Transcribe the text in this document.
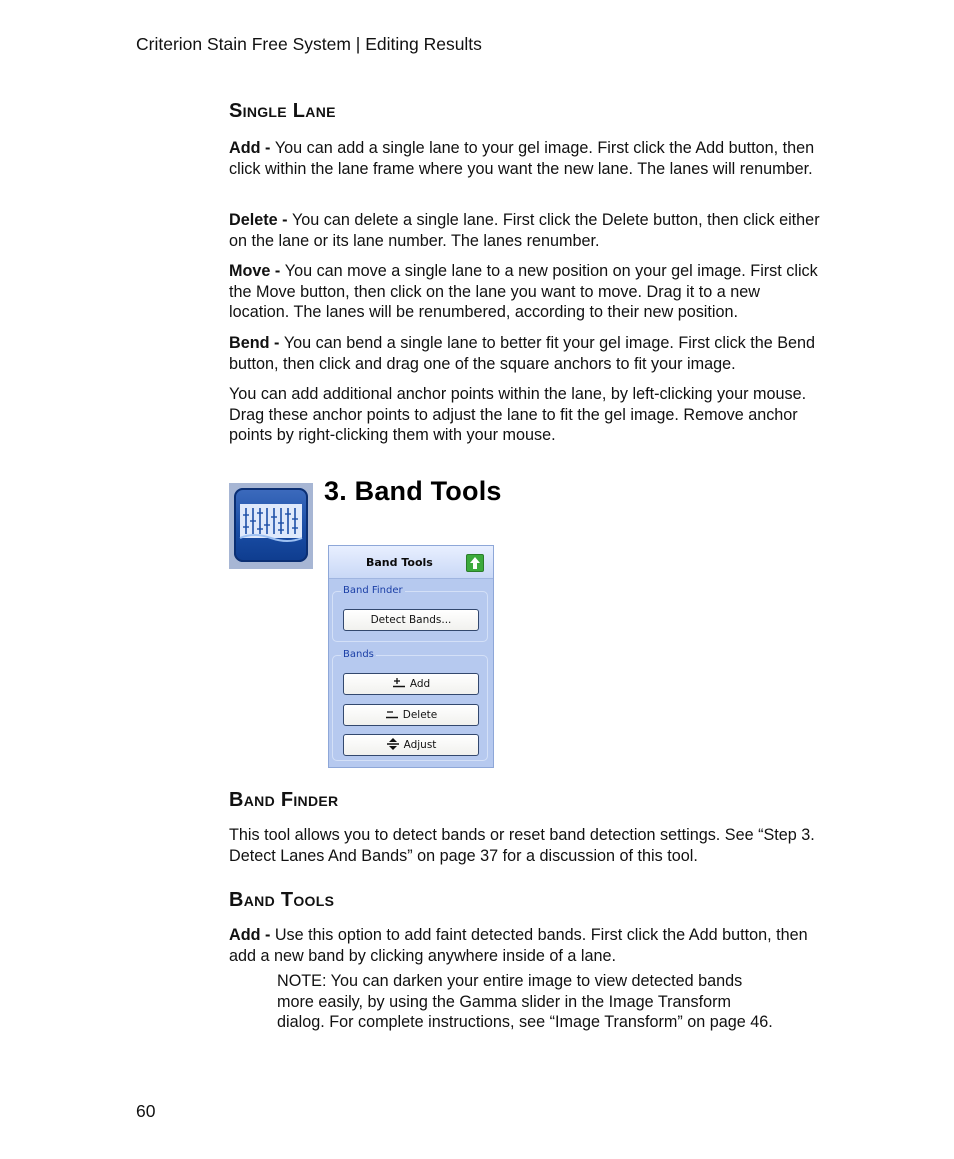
Criterion Stain Free System | Editing Results
Single Lane
Add - You can add a single lane to your gel image. First click the Add button, then click within the lane frame where you want the new lane. The lanes will renumber.
Delete - You can delete a single lane. First click the Delete button, then click either on the lane or its lane number. The lanes renumber.
Move - You can move a single lane to a new position on your gel image. First click the Move button, then click on the lane you want to move. Drag it to a new location. The lanes will be renumbered, according to their new position.
Bend - You can bend a single lane to better fit your gel image. First click the Bend button, then click and drag one of the square anchors to fit your image.
You can add additional anchor points within the lane, by left-clicking your mouse. Drag these anchor points to adjust the lane to fit the gel image. Remove anchor points by right-clicking them with your mouse.
3. Band Tools
Band Tools
Band Finder
Detect Bands...
Bands
Add
Delete
Adjust
Band Finder
This tool allows you to detect bands or reset band detection settings. See “Step 3. Detect Lanes And Bands” on page 37 for a discussion of this tool.
Band Tools
Add - Use this option to add faint detected bands. First click the Add button, then add a new band by clicking anywhere inside of a lane.
NOTE: You can darken your entire image to view detected bands more easily, by using the Gamma slider in the Image Transform dialog. For complete instructions, see “Image Transform” on page 46.
60
